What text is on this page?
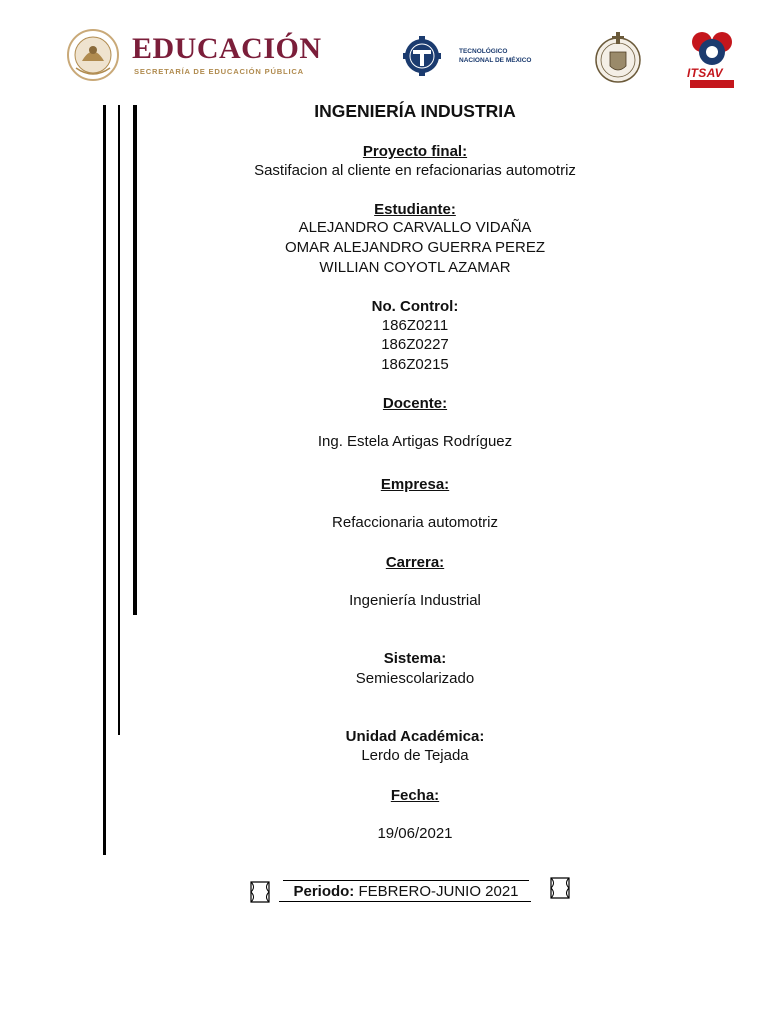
EDUCACIÓN
SECRETARÍA DE EDUCACIÓN PÚBLICA
TECNOLÓGICO
NACIONAL DE MÉXICO
ITSAV
INGENIERÍA INDUSTRIA
Proyecto final:
Sastifacion al cliente en refacionarias automotriz
Estudiante:
ALEJANDRO CARVALLO VIDAÑA
OMAR ALEJANDRO GUERRA PEREZ
WILLIAN COYOTL AZAMAR
No. Control:
186Z0211
186Z0227
186Z0215
Docente:
Ing. Estela Artigas Rodríguez
Empresa:
Refaccionaria automotriz
Carrera:
Ingeniería Industrial
Sistema:
Semiescolarizado
Unidad Académica:
Lerdo de Tejada
Fecha:
19/06/2021
Periodo: FEBRERO-JUNIO 2021
